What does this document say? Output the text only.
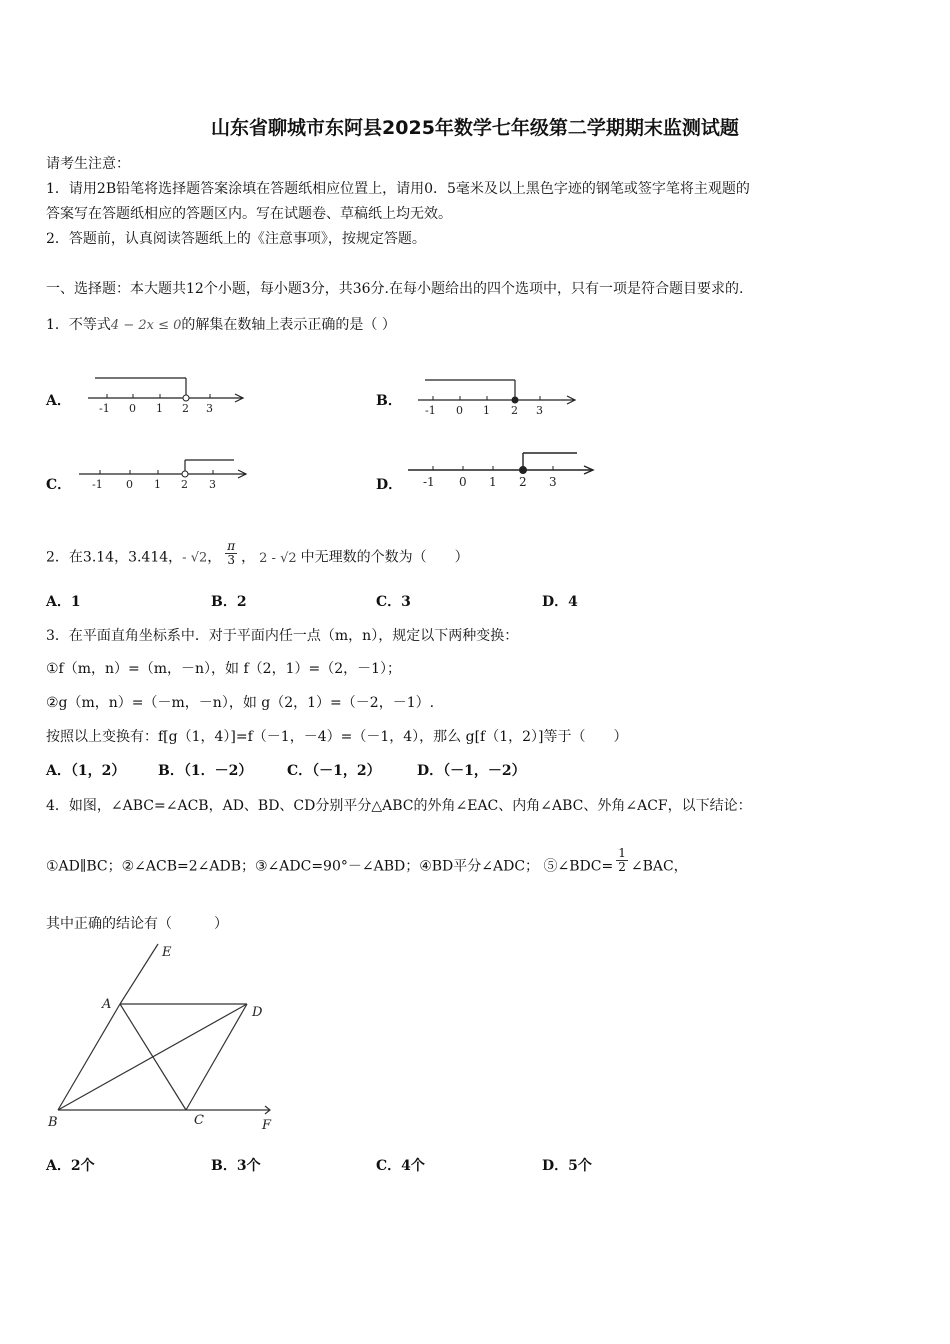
山东省聊城市东阿县2025年数学七年级第二学期期末监测试题
请考生注意：
1．请用2B铅笔将选择题答案涂填在答题纸相应位置上，请用0．5毫米及以上黑色字迹的钢笔或签字笔将主观题的
答案写在答题纸相应的答题区内。写在试题卷、草稿纸上均无效。
2．答题前，认真阅读答题纸上的《注意事项》，按规定答题。
一、选择题：本大题共12个小题，每小题3分，共36分.在每小题给出的四个选项中，只有一项是符合题目要求的.
1．不等式4 − 2x ≤ 0的解集在数轴上表示正确的是（ ）
A．	-1 0 1 2 3	B．
-1 0 1 2 3
C． -1 0 1 2 3	D． -1 0 1 2 3
2．在3.14，3.414，- √2， $\frac{\pi}{3}$ ， 2 - √2 中无理数的个数为（　　）
A．1	B．2	C．3	D．4
3．在平面直角坐标系中．对于平面内任一点（m，n），规定以下两种变换：
①f（m，n）=（m，－n），如 f（2，1）=（2，－1）；
②g（m，n）=（－m，－n），如 g（2，1）=（－2，－1）.
按照以上变换有：f[g（1，4）]=f（－1，－4）=（－1，4），那么 g[f（1，2）]等于（　　）
A．（1，2） B．（1．－2） C．（－1，2）	D．（－1，－2）
4．如图，∠ABC=∠ACB，AD、BD、CD分别平分△ABC的外角∠EAC、内角∠ABC、外角∠ACF，以下结论：
①AD∥BC；②∠ACB=2∠ADB；③∠ADC=90°－∠ABD；④BD平分∠ADC； ⑤∠BDC= $\frac{1}{2}$ ∠BAC，
其中正确的结论有（　　　）
E
A
D
B	C	F
A．2个	B．3个	C．4个	D．5个
